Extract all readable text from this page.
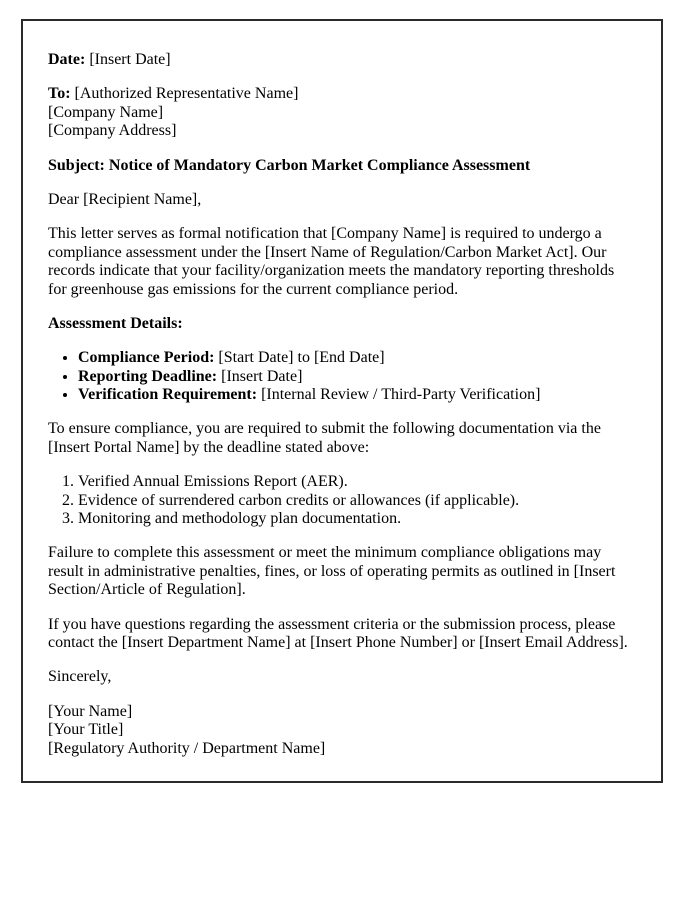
Date: [Insert Date]

To: [Authorized Representative Name]
[Company Name]
[Company Address]

Subject: Notice of Mandatory Carbon Market Compliance Assessment

Dear [Recipient Name],

This letter serves as formal notification that [Company Name] is required to undergo a compliance assessment under the [Insert Name of Regulation/Carbon Market Act]. Our records indicate that your facility/organization meets the mandatory reporting thresholds for greenhouse gas emissions for the current compliance period.

Assessment Details:

• Compliance Period: [Start Date] to [End Date]
• Reporting Deadline: [Insert Date]
• Verification Requirement: [Internal Review / Third-Party Verification]

To ensure compliance, you are required to submit the following documentation via the [Insert Portal Name] by the deadline stated above:

1. Verified Annual Emissions Report (AER).
2. Evidence of surrendered carbon credits or allowances (if applicable).
3. Monitoring and methodology plan documentation.

Failure to complete this assessment or meet the minimum compliance obligations may result in administrative penalties, fines, or loss of operating permits as outlined in [Insert Section/Article of Regulation].

If you have questions regarding the assessment criteria or the submission process, please contact the [Insert Department Name] at [Insert Phone Number] or [Insert Email Address].

Sincerely,

[Your Name]
[Your Title]
[Regulatory Authority / Department Name]
